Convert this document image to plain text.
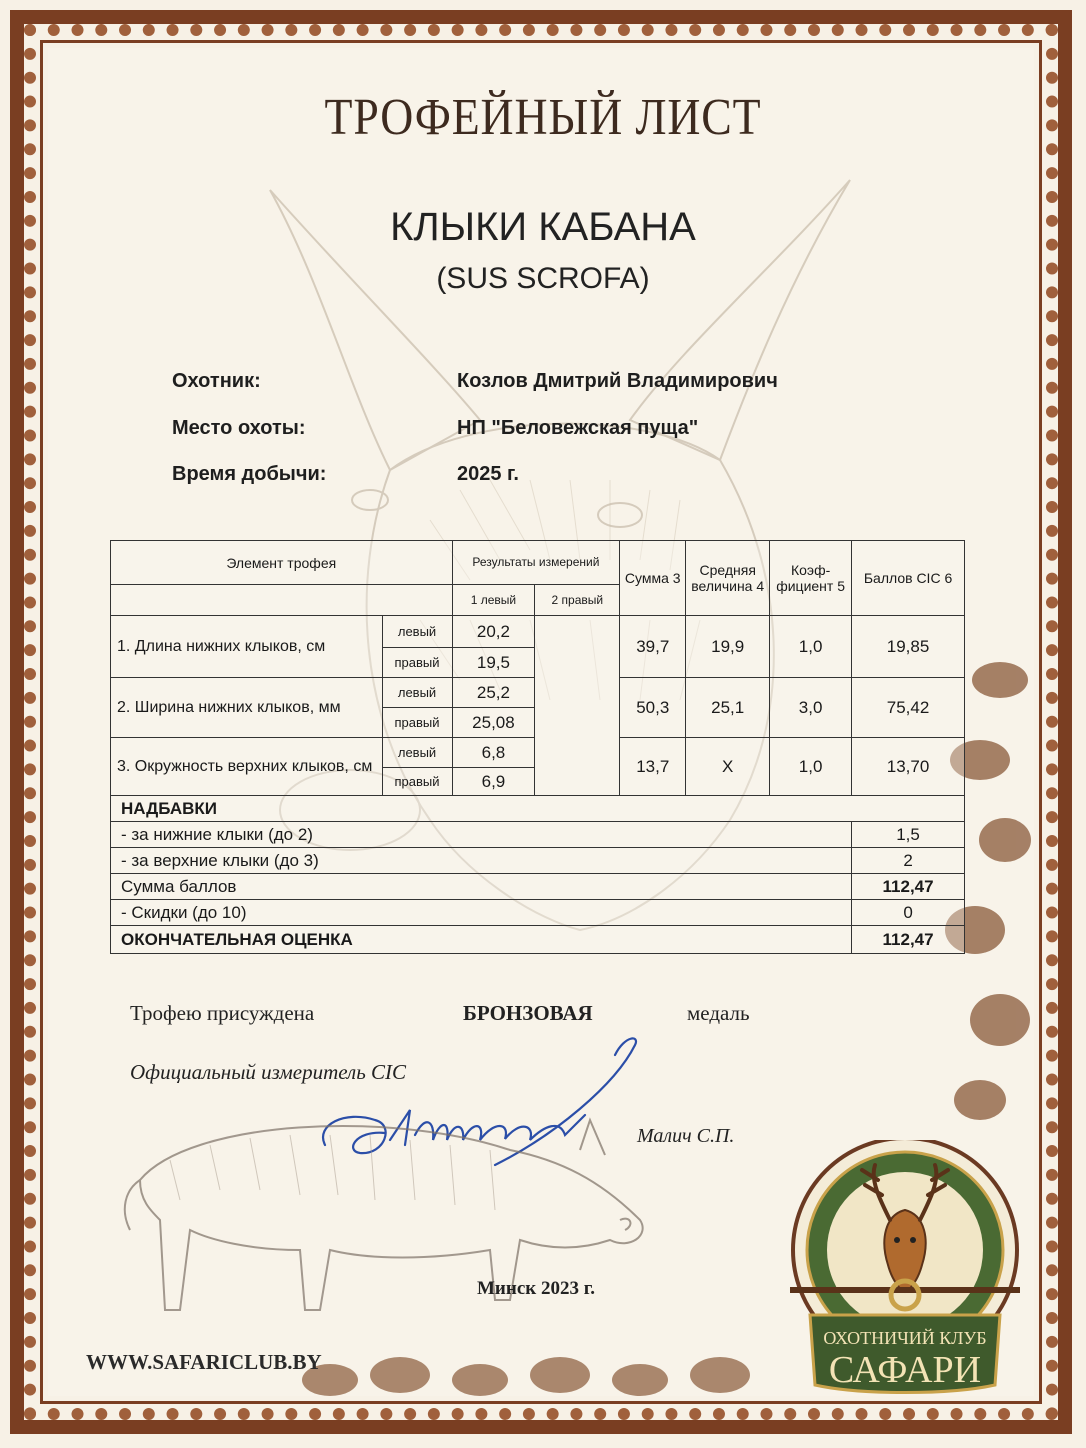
ТРОФЕЙНЫЙ ЛИСТ
КЛЫКИ КАБАНА
(SUS SCROFA)
Охотник:	Козлов Дмитрий Владимирович
Место охоты:	НП "Беловежская пуща"
Время добычи:	2025 г.
Элемент трофея		Результаты измерений		Сумма 3	Средняя величина 4	Коэф- фициент 5	Баллов CIC 6
		1 левый	2 правый				
1. Длина нижних клыков, см	левый	20,2		39,7	19,9	1,0	19,85
	правый	19,5					
2. Ширина нижних клыков, мм	левый	25,2		50,3	25,1	3,0	75,42
	правый	25,08					
3. Окружность верхних клыков, см	левый	6,8		13,7	X	1,0	13,70
	правый	6,9					
НАДБАВКИ							
- за нижние клыки (до 2)							1,5
- за верхние клыки (до 3)							2
Сумма баллов							112,47
- Скидки (до 10)							0
ОКОНЧАТЕЛЬНАЯ ОЦЕНКА							112,47
Трофею присуждена	БРОНЗОВАЯ	медаль
Официальный измеритель CIC
Малич С.П.
Минск 2023 г.
WWW.SAFARICLUB.BY
ОХОТНИЧИЙ КЛУБ
САФАРИ
